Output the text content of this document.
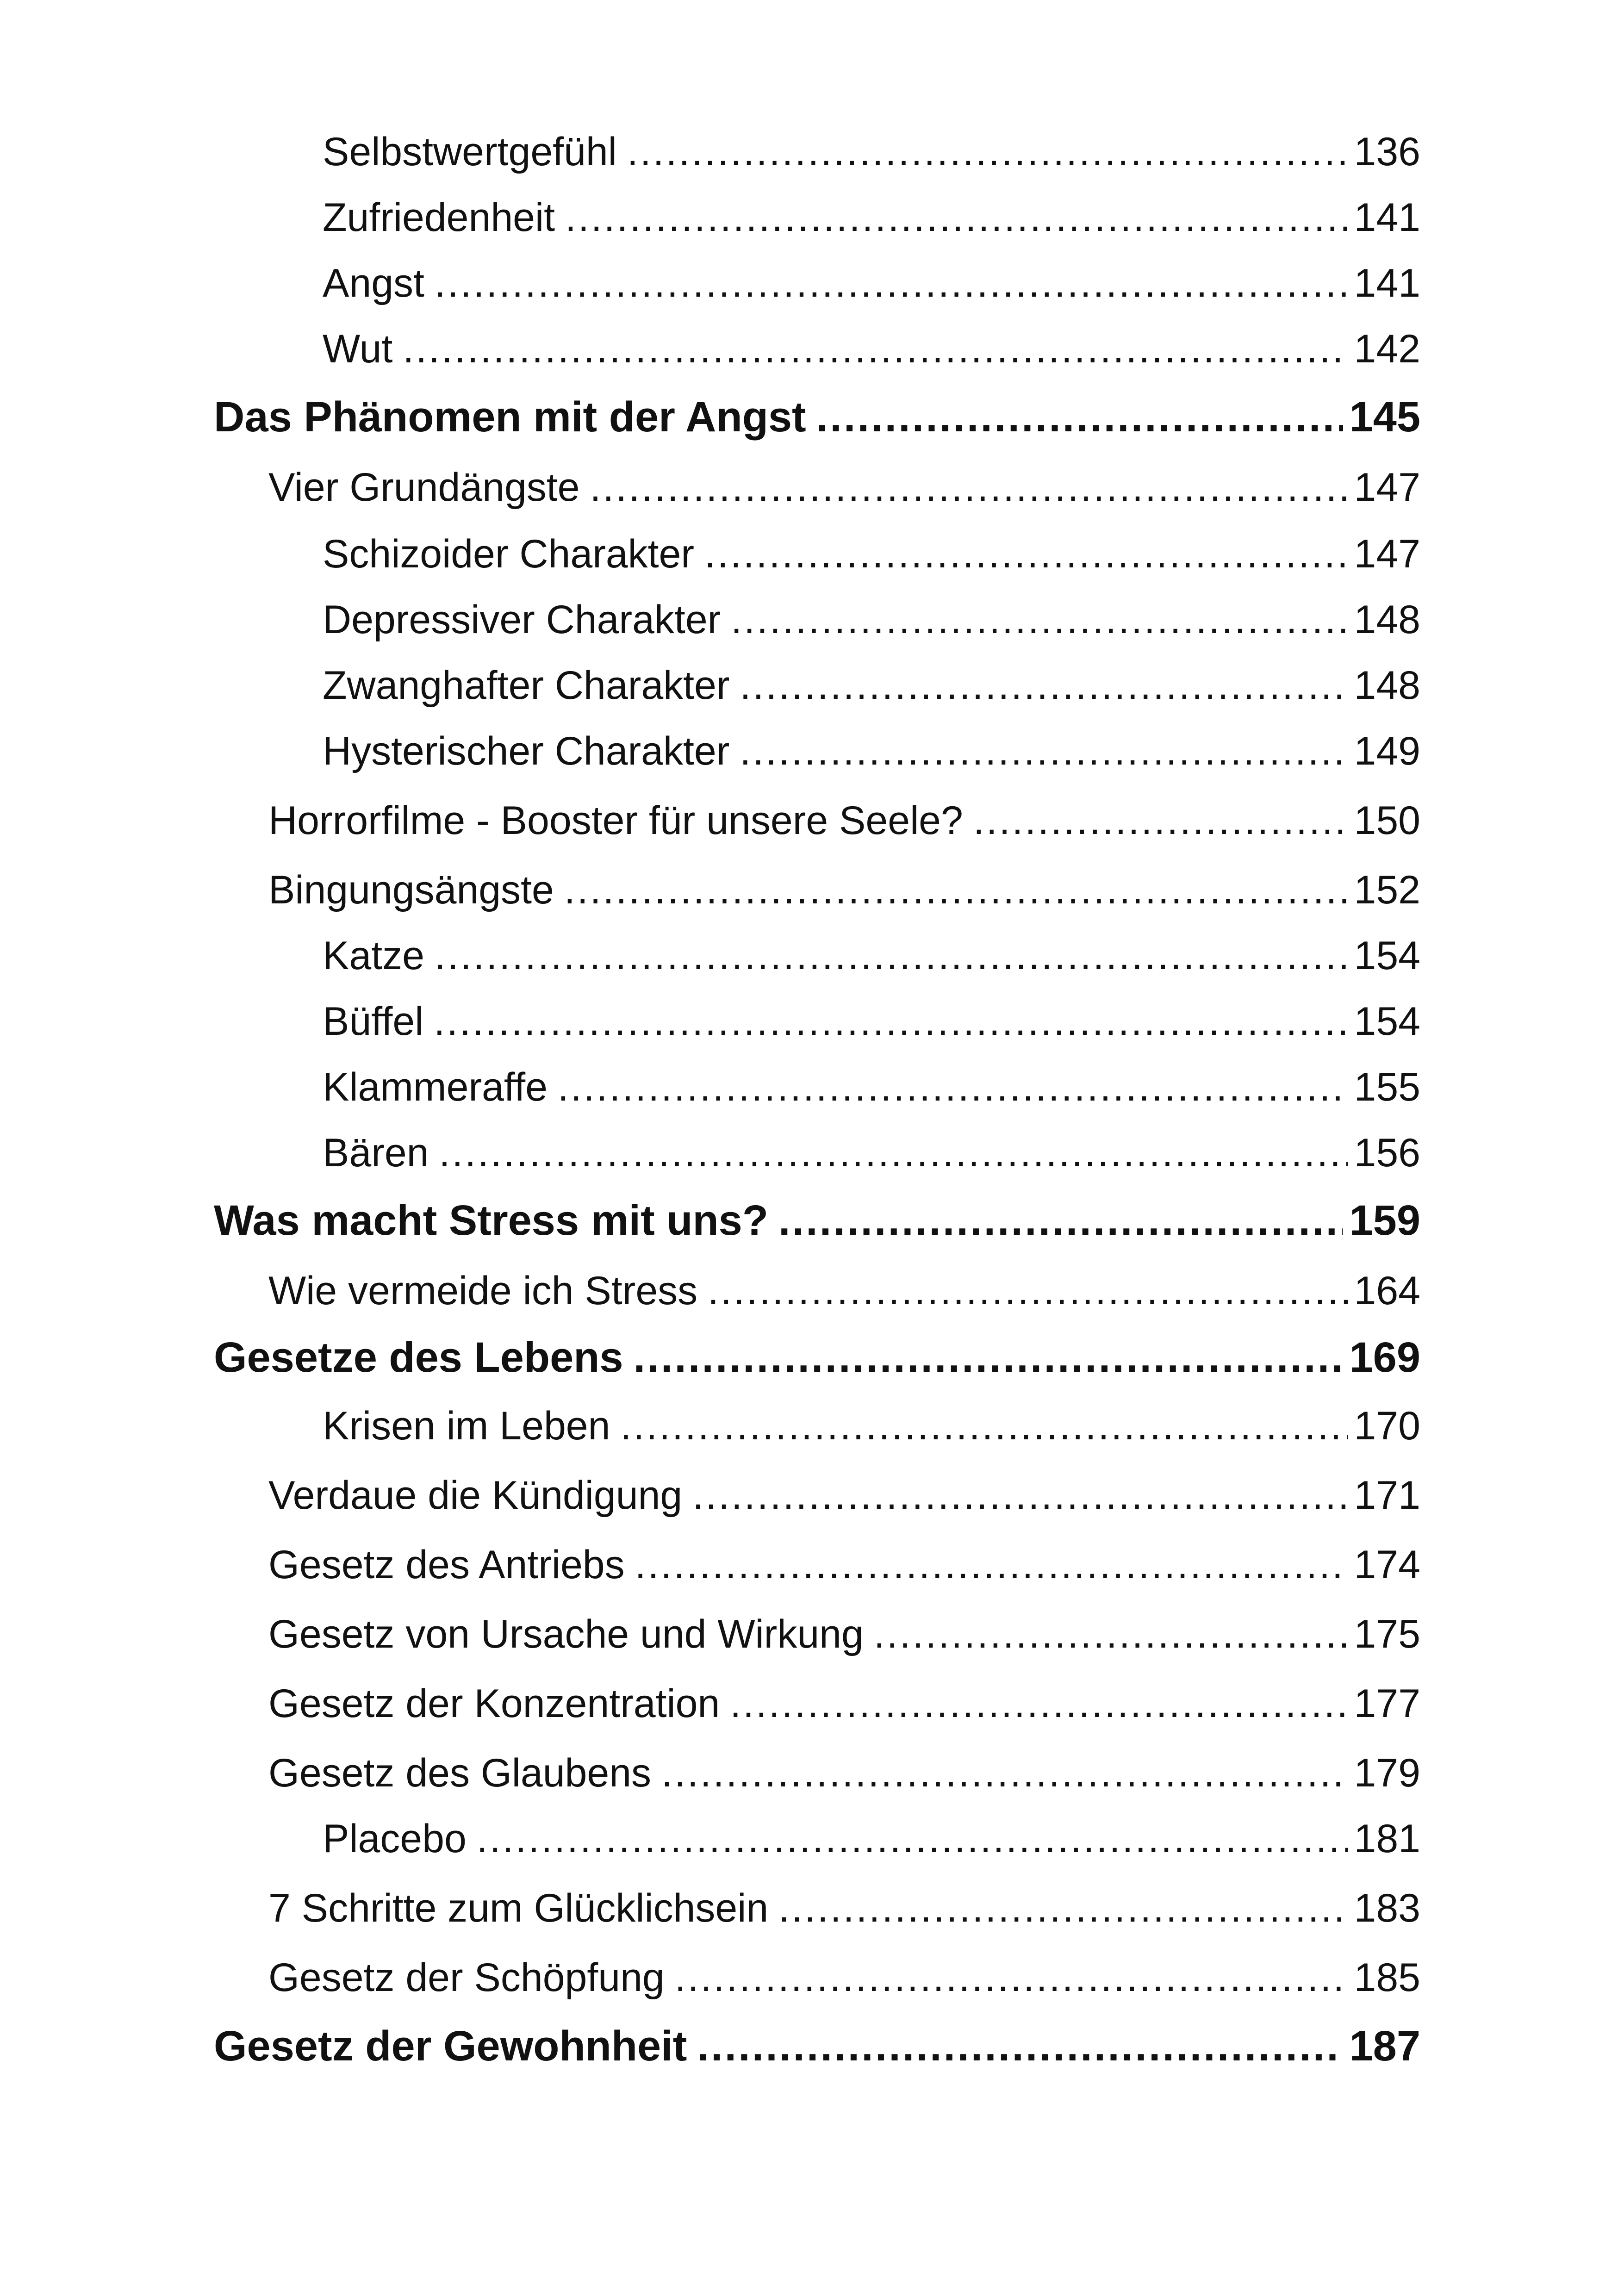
Selbstwertgefühl .....	136
Zufriedenheit .....	141
Angst .....	141
Wut .....	142
Das Phänomen mit der Angst .....	145
Vier Grundängste .....	147
Schizoider Charakter .....	147
Depressiver Charakter .....	148
Zwanghafter Charakter .....	148
Hysterischer Charakter .....	149
Horrorfilme - Booster für unsere Seele? .....	150
Bingungsängste .....	152
Katze .....	154
Büffel .....	154
Klammeraffe .....	155
Bären .....	156
Was macht Stress mit uns? .....	159
Wie vermeide ich Stress .....	164
Gesetze des Lebens .....	169
Krisen im Leben .....	170
Verdaue die Kündigung .....	171
Gesetz des Antriebs .....	174
Gesetz von Ursache und Wirkung .....	175
Gesetz der Konzentration .....	177
Gesetz des Glaubens .....	179
Placebo .....	181
7 Schritte zum Glücklichsein .....	183
Gesetz der Schöpfung .....	185
Gesetz der Gewohnheit .....	187
